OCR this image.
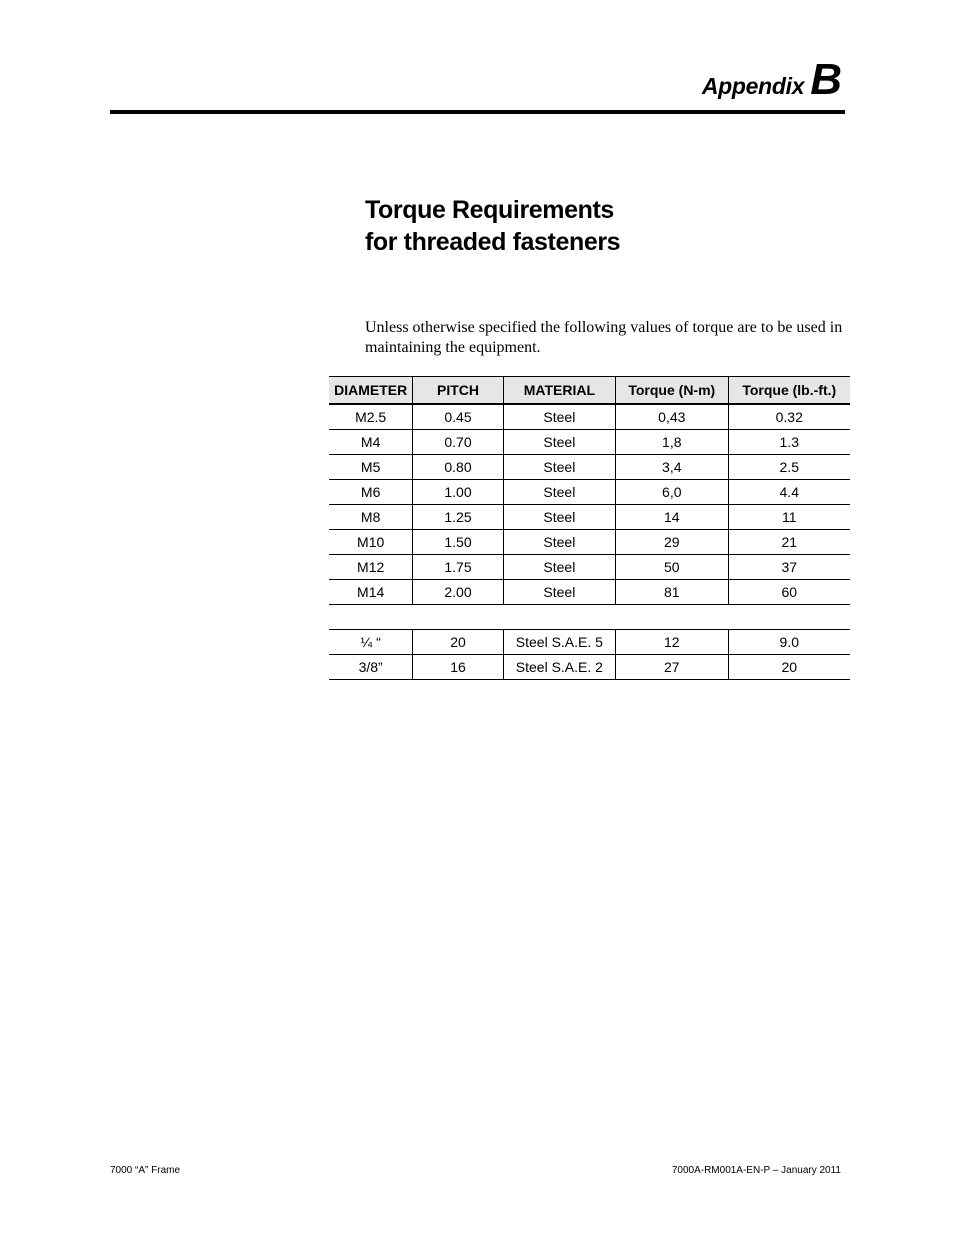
Appendix B
Torque Requirements
for threaded fasteners

Unless otherwise specified the following values of torque are to be used in maintaining the equipment.

DIAMETER	PITCH	MATERIAL	Torque (N-m)	Torque (lb.-ft.)
M2.5	0.45	Steel	0,43	0.32
M4	0.70	Steel	1,8	1.3
M5	0.80	Steel	3,4	2.5
M6	1.00	Steel	6,0	4.4
M8	1.25	Steel	14	11
M10	1.50	Steel	29	21
M12	1.75	Steel	50	37
M14	2.00	Steel	81	60

¼ “	20	Steel S.A.E. 5	12	9.0
3/8”	16	Steel S.A.E. 2	27	20
7000 “A” Frame	7000A-RM001A-EN-P – January 2011
